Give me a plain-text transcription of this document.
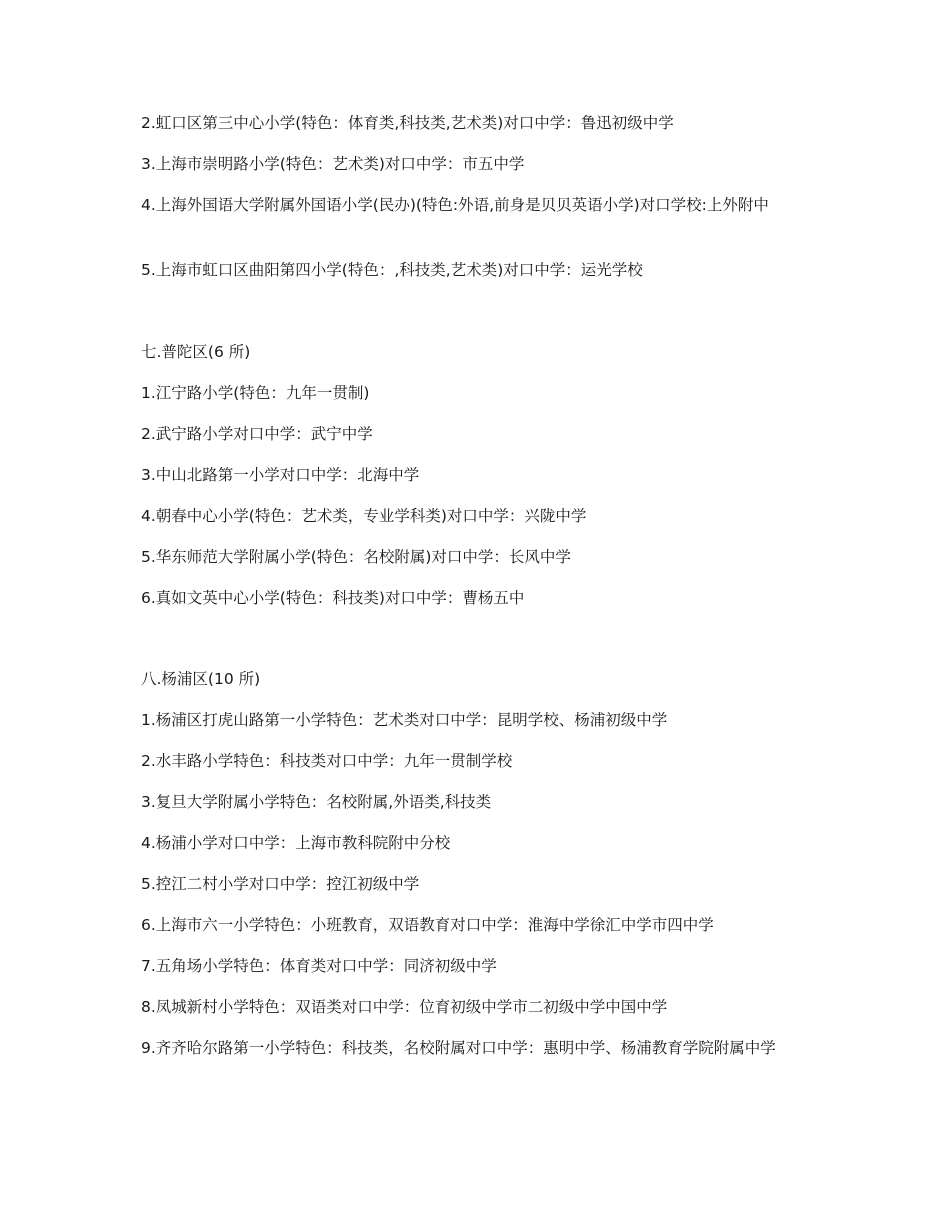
2.虹口区第三中心小学(特色：体育类,科技类,艺术类)对口中学：鲁迅初级中学
3.上海市崇明路小学(特色：艺术类)对口中学：市五中学
4.上海外国语大学附属外国语小学(民办)(特色:外语,前身是贝贝英语小学)对口学校:上外附中
5.上海市虹口区曲阳第四小学(特色：,科技类,艺术类)对口中学：运光学校
七.普陀区(6 所)
1.江宁路小学(特色：九年一贯制)
2.武宁路小学对口中学：武宁中学
3.中山北路第一小学对口中学：北海中学
4.朝春中心小学(特色：艺术类，专业学科类)对口中学：兴陇中学
5.华东师范大学附属小学(特色：名校附属)对口中学：长风中学
6.真如文英中心小学(特色：科技类)对口中学：曹杨五中
八.杨浦区(10 所)
1.杨浦区打虎山路第一小学特色：艺术类对口中学：昆明学校、杨浦初级中学
2.水丰路小学特色：科技类对口中学：九年一贯制学校
3.复旦大学附属小学特色：名校附属,外语类,科技类
4.杨浦小学对口中学：上海市教科院附中分校
5.控江二村小学对口中学：控江初级中学
6.上海市六一小学特色：小班教育，双语教育对口中学：淮海中学徐汇中学市四中学
7.五角场小学特色：体育类对口中学：同济初级中学
8.凤城新村小学特色：双语类对口中学：位育初级中学市二初级中学中国中学
9.齐齐哈尔路第一小学特色：科技类，名校附属对口中学：惠明中学、杨浦教育学院附属中学
